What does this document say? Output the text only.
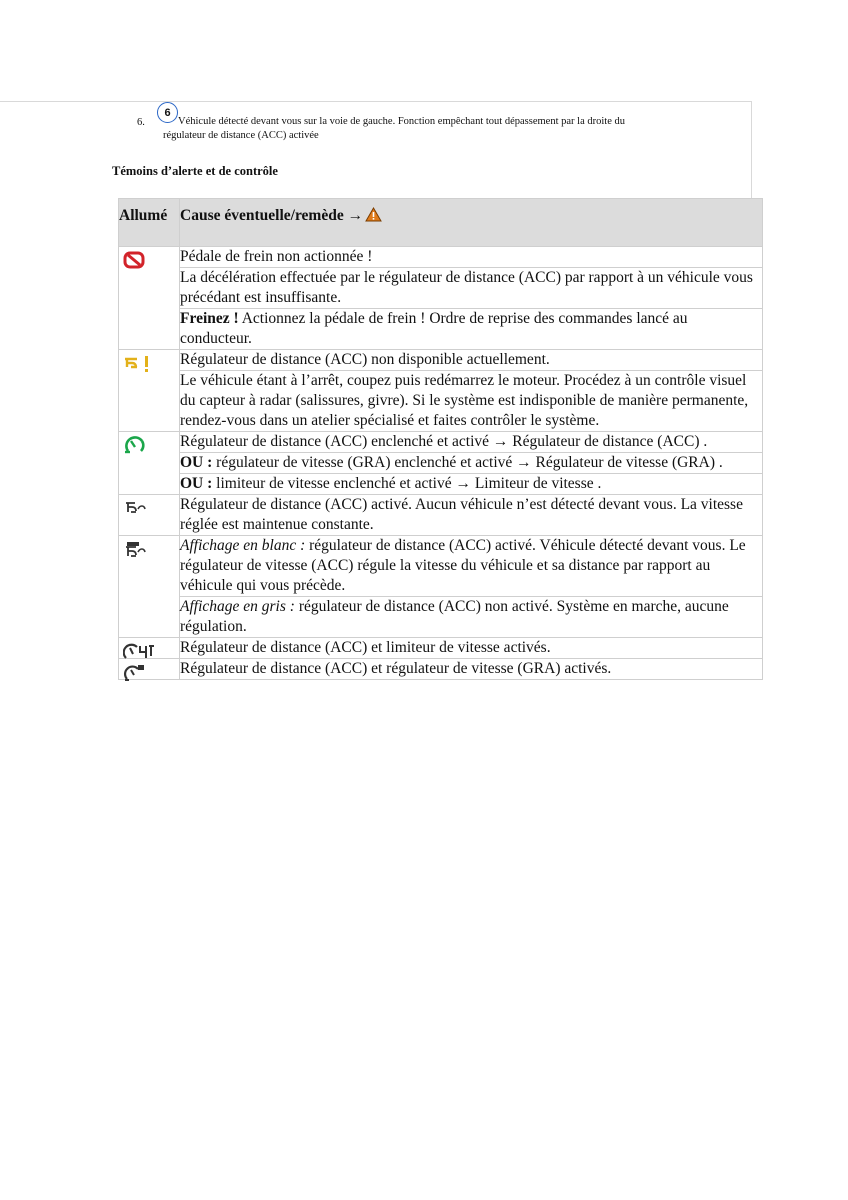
6.
6
Véhicule détecté devant vous sur la voie de gauche. Fonction empêchant tout dépassement par la droite du
régulateur de distance (ACC) activée
Témoins d’alerte et de contrôle
Allumé	Cause éventuelle/remède →

	Pédale de frein non actionnée !
	La décélération effectuée par le régulateur de distance (ACC) par rapport à un véhicule vous précédant est insuffisante.
	Freinez ! Actionnez la pédale de frein ! Ordre de reprise des commandes lancé au conducteur.

	Régulateur de distance (ACC) non disponible actuellement.
	Le véhicule étant à l’arrêt, coupez puis redémarrez le moteur. Procédez à un contrôle visuel du capteur à radar (salissures, givre). Si le système est indisponible de manière permanente, rendez-vous dans un atelier spécialisé et faites contrôler le système.

	Régulateur de distance (ACC) enclenché et activé → Régulateur de distance (ACC) .
	OU : régulateur de vitesse (GRA) enclenché et activé → Régulateur de vitesse (GRA) .
	OU : limiteur de vitesse enclenché et activé → Limiteur de vitesse .

	Régulateur de distance (ACC) activé. Aucun véhicule n’est détecté devant vous. La vitesse réglée est maintenue constante.

	Affichage en blanc : régulateur de distance (ACC) activé. Véhicule détecté devant vous. Le régulateur de vitesse (ACC) régule la vitesse du véhicule et sa distance par rapport au véhicule qui vous précède.
	Affichage en gris : régulateur de distance (ACC) non activé. Système en marche, aucune régulation.

	Régulateur de distance (ACC) et limiteur de vitesse activés.

	Régulateur de distance (ACC) et régulateur de vitesse (GRA) activés.
